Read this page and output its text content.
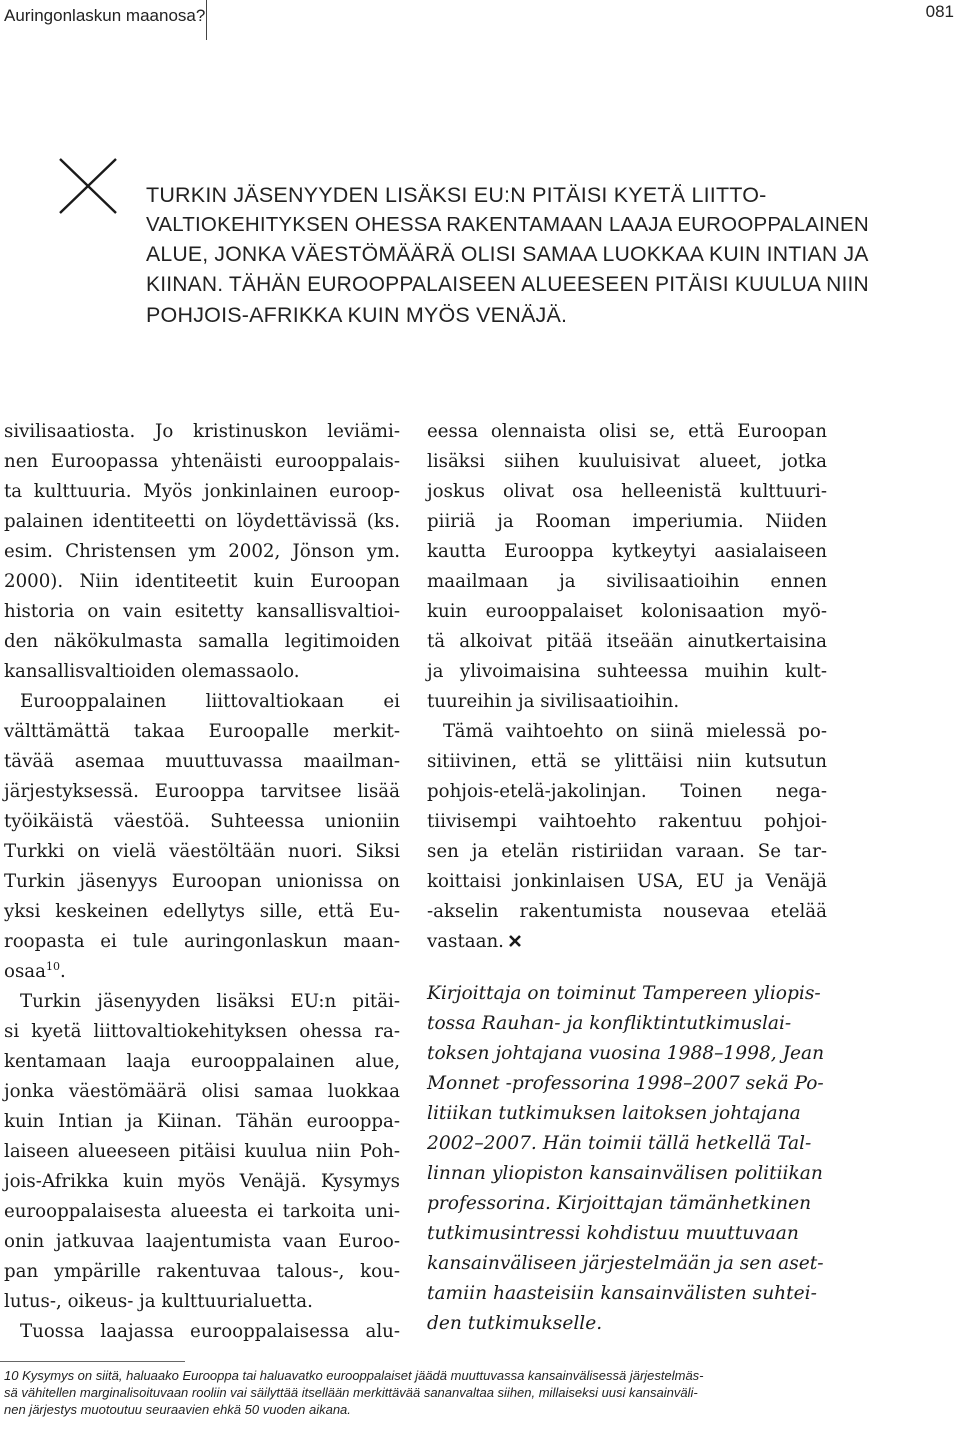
Auringonlaskun maanosa?	081
TURKIN JÄSENYYDEN LISÄKSI EU:N PITÄISI KYETÄ LIITTO-
VALTIOKEHITYKSEN OHESSA RAKENTAMAAN LAAJA EUROOPPALAINEN
ALUE, JONKA VÄESTÖMÄÄRÄ OLISI SAMAA LUOKKAA KUIN INTIAN JA
KIINAN. TÄHÄN EUROOPPALAISEEN ALUEESEEN PITÄISI KUULUA NIIN
POHJOIS-AFRIKKA KUIN MYÖS VENÄJÄ.
sivilisaatiosta. Jo kristinuskon leviämi-
nen Euroopassa yhtenäisti eurooppalais-
ta kulttuuria. Myös jonkinlainen euroop-
palainen identiteetti on löydettävissä (ks.
esim. Christensen ym 2002, Jönson ym.
2000). Niin identiteetit kuin Euroopan
historia on vain esitetty kansallisvaltioi-
den näkökulmasta samalla legitimoiden
kansallisvaltioiden olemassaolo.
Eurooppalainen liittovaltiokaan ei
välttämättä takaa Euroopalle merkit-
tävää asemaa muuttuvassa maailman-
järjestyksessä. Eurooppa tarvitsee lisää
työikäistä väestöä. Suhteessa unioniin
Turkki on vielä väestöltään nuori. Siksi
Turkin jäsenyys Euroopan unionissa on
yksi keskeinen edellytys sille, että Eu-
roopasta ei tule auringonlaskun maan-
osaa$^{10}$.
Turkin jäsenyyden lisäksi EU:n pitäi-
si kyetä liittovaltiokehityksen ohessa ra-
kentamaan laaja eurooppalainen alue,
jonka väestömäärä olisi samaa luokkaa
kuin Intian ja Kiinan. Tähän eurooppa-
laiseen alueeseen pitäisi kuulua niin Poh-
jois-Afrikka kuin myös Venäjä. Kysymys
eurooppalaisesta alueesta ei tarkoita uni-
onin jatkuvaa laajentumista vaan Euroo-
pan ympärille rakentuvaa talous-, kou-
lutus-, oikeus- ja kulttuurialuetta.
Tuossa laajassa eurooppalaisessa alu-
eessa olennaista olisi se, että Euroopan
lisäksi siihen kuuluisivat alueet, jotka
joskus olivat osa helleenistä kulttuuri-
piiriä ja Rooman imperiumia. Niiden
kautta Eurooppa kytkeytyi aasialaiseen
maailmaan ja sivilisaatioihin ennen
kuin eurooppalaiset kolonisaation myö-
tä alkoivat pitää itseään ainutkertaisina
ja ylivoimaisina suhteessa muihin kult-
tuureihin ja sivilisaatioihin.
Tämä vaihtoehto on siinä mielessä po-
sitiivinen, että se ylittäisi niin kutsutun
pohjois-etelä-jakolinjan. Toinen nega-
tiivisempi vaihtoehto rakentuu pohjoi-
sen ja etelän ristiriidan varaan. Se tar-
koittaisi jonkinlaisen USA, EU ja Venäjä
-akselin rakentumista nousevaa etelää
vastaan.
Kirjoittaja on toiminut Tampereen yliopis-
tossa Rauhan- ja konfliktintutkimuslai-
toksen johtajana vuosina 1988–1998, Jean
Monnet -professorina 1998–2007 sekä Po-
litiikan tutkimuksen laitoksen johtajana
2002–2007. Hän toimii tällä hetkellä Tal-
linnan yliopiston kansainvälisen politiikan
professorina. Kirjoittajan tämänhetkinen
tutkimusintressi kohdistuu muuttuvaan
kansainväliseen järjestelmään ja sen aset-
tamiin haasteisiin kansainvälisten suhtei-
den tutkimukselle.
10 Kysymys on siitä, haluaako Eurooppa tai haluavatko eurooppalaiset jäädä muuttuvassa kansainvälisessä järjestelmäs-
sä vähitellen marginalisoituvaan rooliin vai säilyttää itsellään merkittävää sananvaltaa siihen, millaiseksi uusi kansainväli-
nen järjestys muotoutuu seuraavien ehkä 50 vuoden aikana.
